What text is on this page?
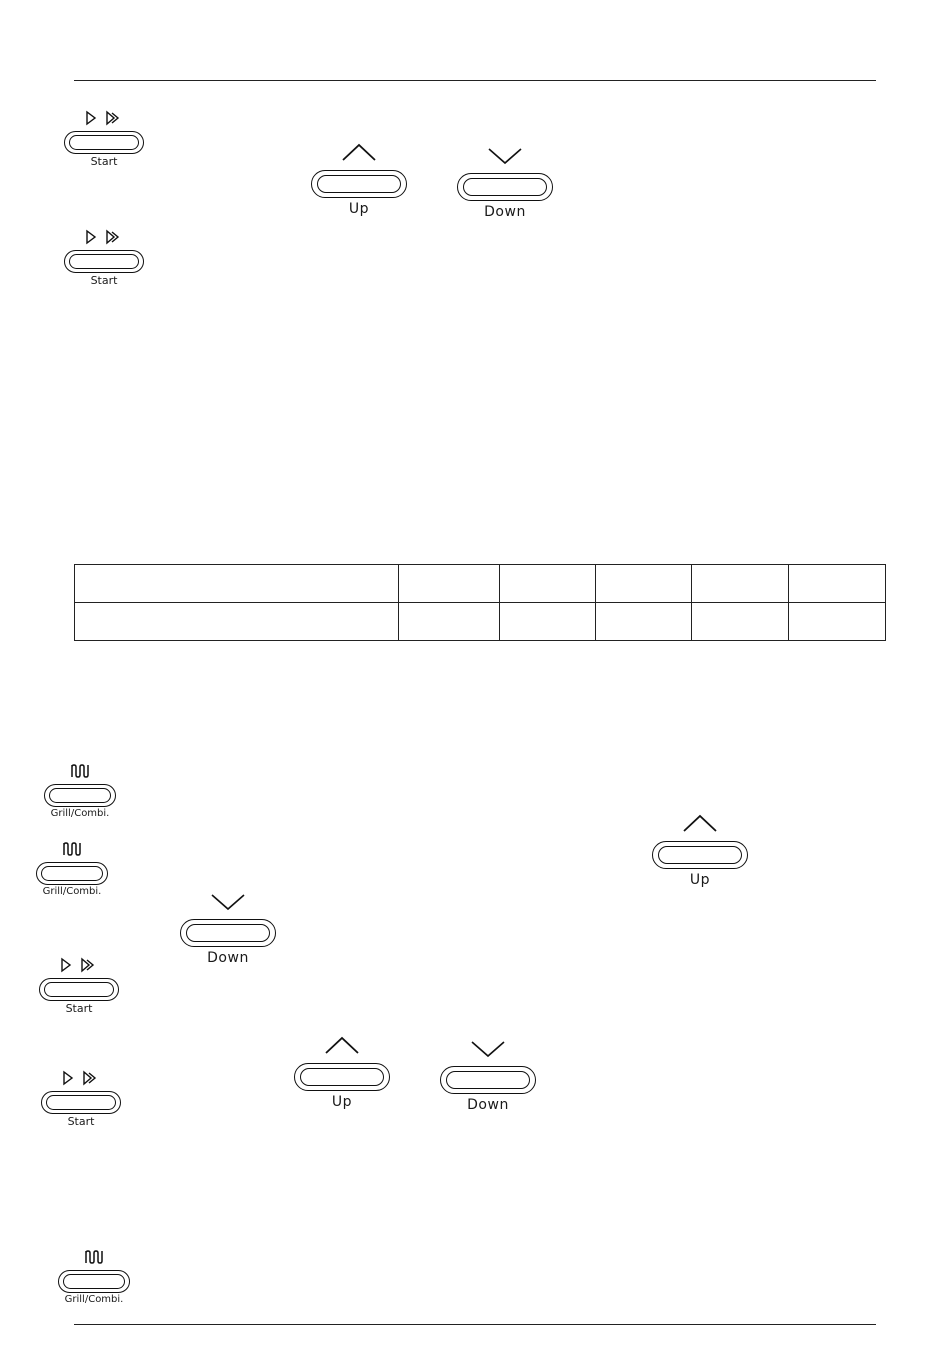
Start
Start
Start
Start
Grill/Combi.
Grill/Combi.
Grill/Combi.
Up
Up
Up
Down
Down
Down
